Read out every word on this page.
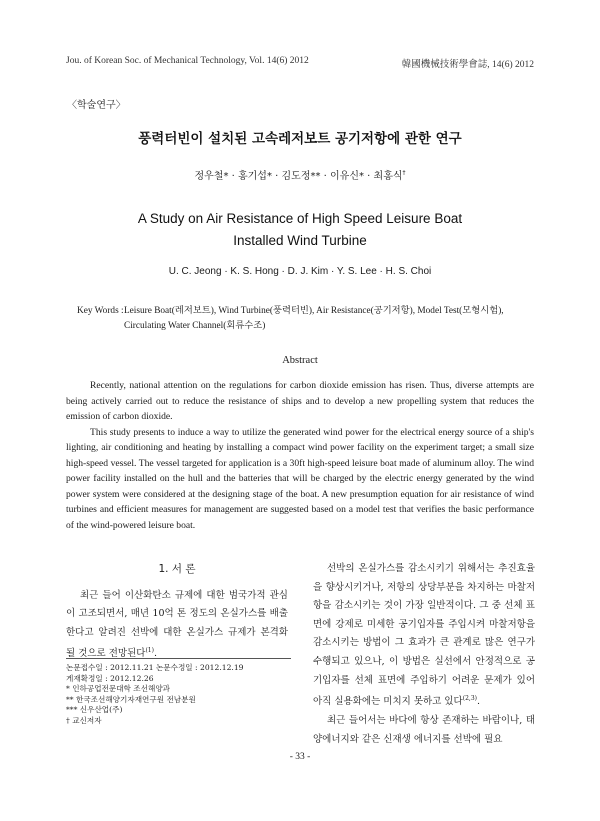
Jou. of Korean Soc. of Mechanical Technology, Vol. 14(6) 2012	韓國機械技術學會誌, 14(6) 2012
〈학술연구〉
풍력터빈이 설치된 고속레저보트 공기저항에 관한 연구
정우철* · 홍기섭* · 김도정** · 이유신* · 최홍식†
A Study on Air Resistance of High Speed Leisure Boat
Installed Wind Turbine
U. C. Jeong · K. S. Hong · D. J. Kim · Y. S. Lee · H. S. Choi
Key Words : Leisure Boat(레저보트), Wind Turbine(풍력터빈), Air Resistance(공기저항), Model Test(모형시험), Circulating Water Channel(회류수조)
Abstract

Recently, national attention on the regulations for carbon dioxide emission has risen. Thus, diverse attempts are being actively carried out to reduce the resistance of ships and to develop a new propelling system that reduces the emission of carbon dioxide.

This study presents to induce a way to utilize the generated wind power for the electrical energy source of a ship's lighting, air conditioning and heating by installing a compact wind power facility on the experiment target; a small size high-speed vessel. The vessel targeted for application is a 30ft high-speed leisure boat made of aluminum alloy. The wind power facility installed on the hull and the batteries that will be charged by the electric energy generated by the wind power system were considered at the designing stage of the boat. A new presumption equation for air resistance of wind turbines and efficient measures for management are suggested based on a model test that verifies the basic performance of the wind-powered leisure boat.

1. 서 론

최근 들어 이산화탄소 규제에 대한 범국가적 관심이 고조되면서, 매년 10억 톤 정도의 온실가스를 배출한다고 알려진 선박에 대한 온실가스 규제가 본격화 될 것으로 전망된다$^{(1)}$.

논문접수일 : 2012.11.21 논문수정일 : 2012.12.19
게재확정일 : 2012.12.26
* 인하공업전문대학 조선해양과
** 한국조선해양기자재연구원 전남분원
*** 신우산업(주)
† 교신저자

선박의 온실가스를 감소시키기 위해서는 추진효율을 향상시키거나, 저항의 상당부분을 차지하는 마찰저항을 감소시키는 것이 가장 일반적이다. 그 중 선체 표면에 강제로 미세한 공기입자를 주입시켜 마찰저항을 감소시키는 방법이 그 효과가 큰 관계로 많은 연구가 수행되고 있으나, 이 방법은 실선에서 안정적으로 공기입자를 선체 표면에 주입하기 어려운 문제가 있어 아직 실용화에는 미치지 못하고 있다$^{(2,3)}$.

최근 들어서는 바다에 항상 존재하는 바람이나, 태양에너지와 같은 신재생 에너지를 선박에 필요

- 33 -
